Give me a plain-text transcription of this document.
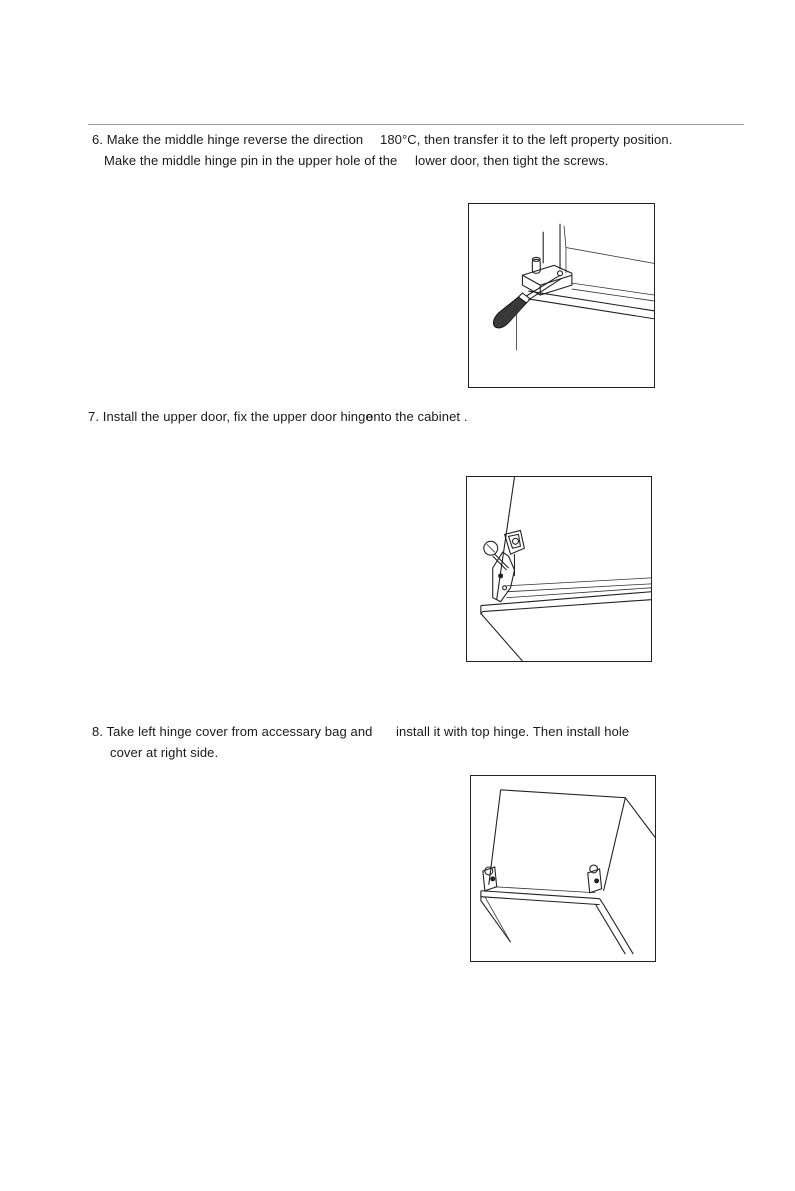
6. Make the middle hinge reverse the direction 180°C, then transfer it to the left property position.
Make the middle hinge pin in the upper hole of the lower door, then tight the screws.
7. Install the upper door, fix the upper door hinge
onto the cabinet .
8. Take left hinge cover from accessary bag and install it with top hinge. Then install hole
cover at right side.
